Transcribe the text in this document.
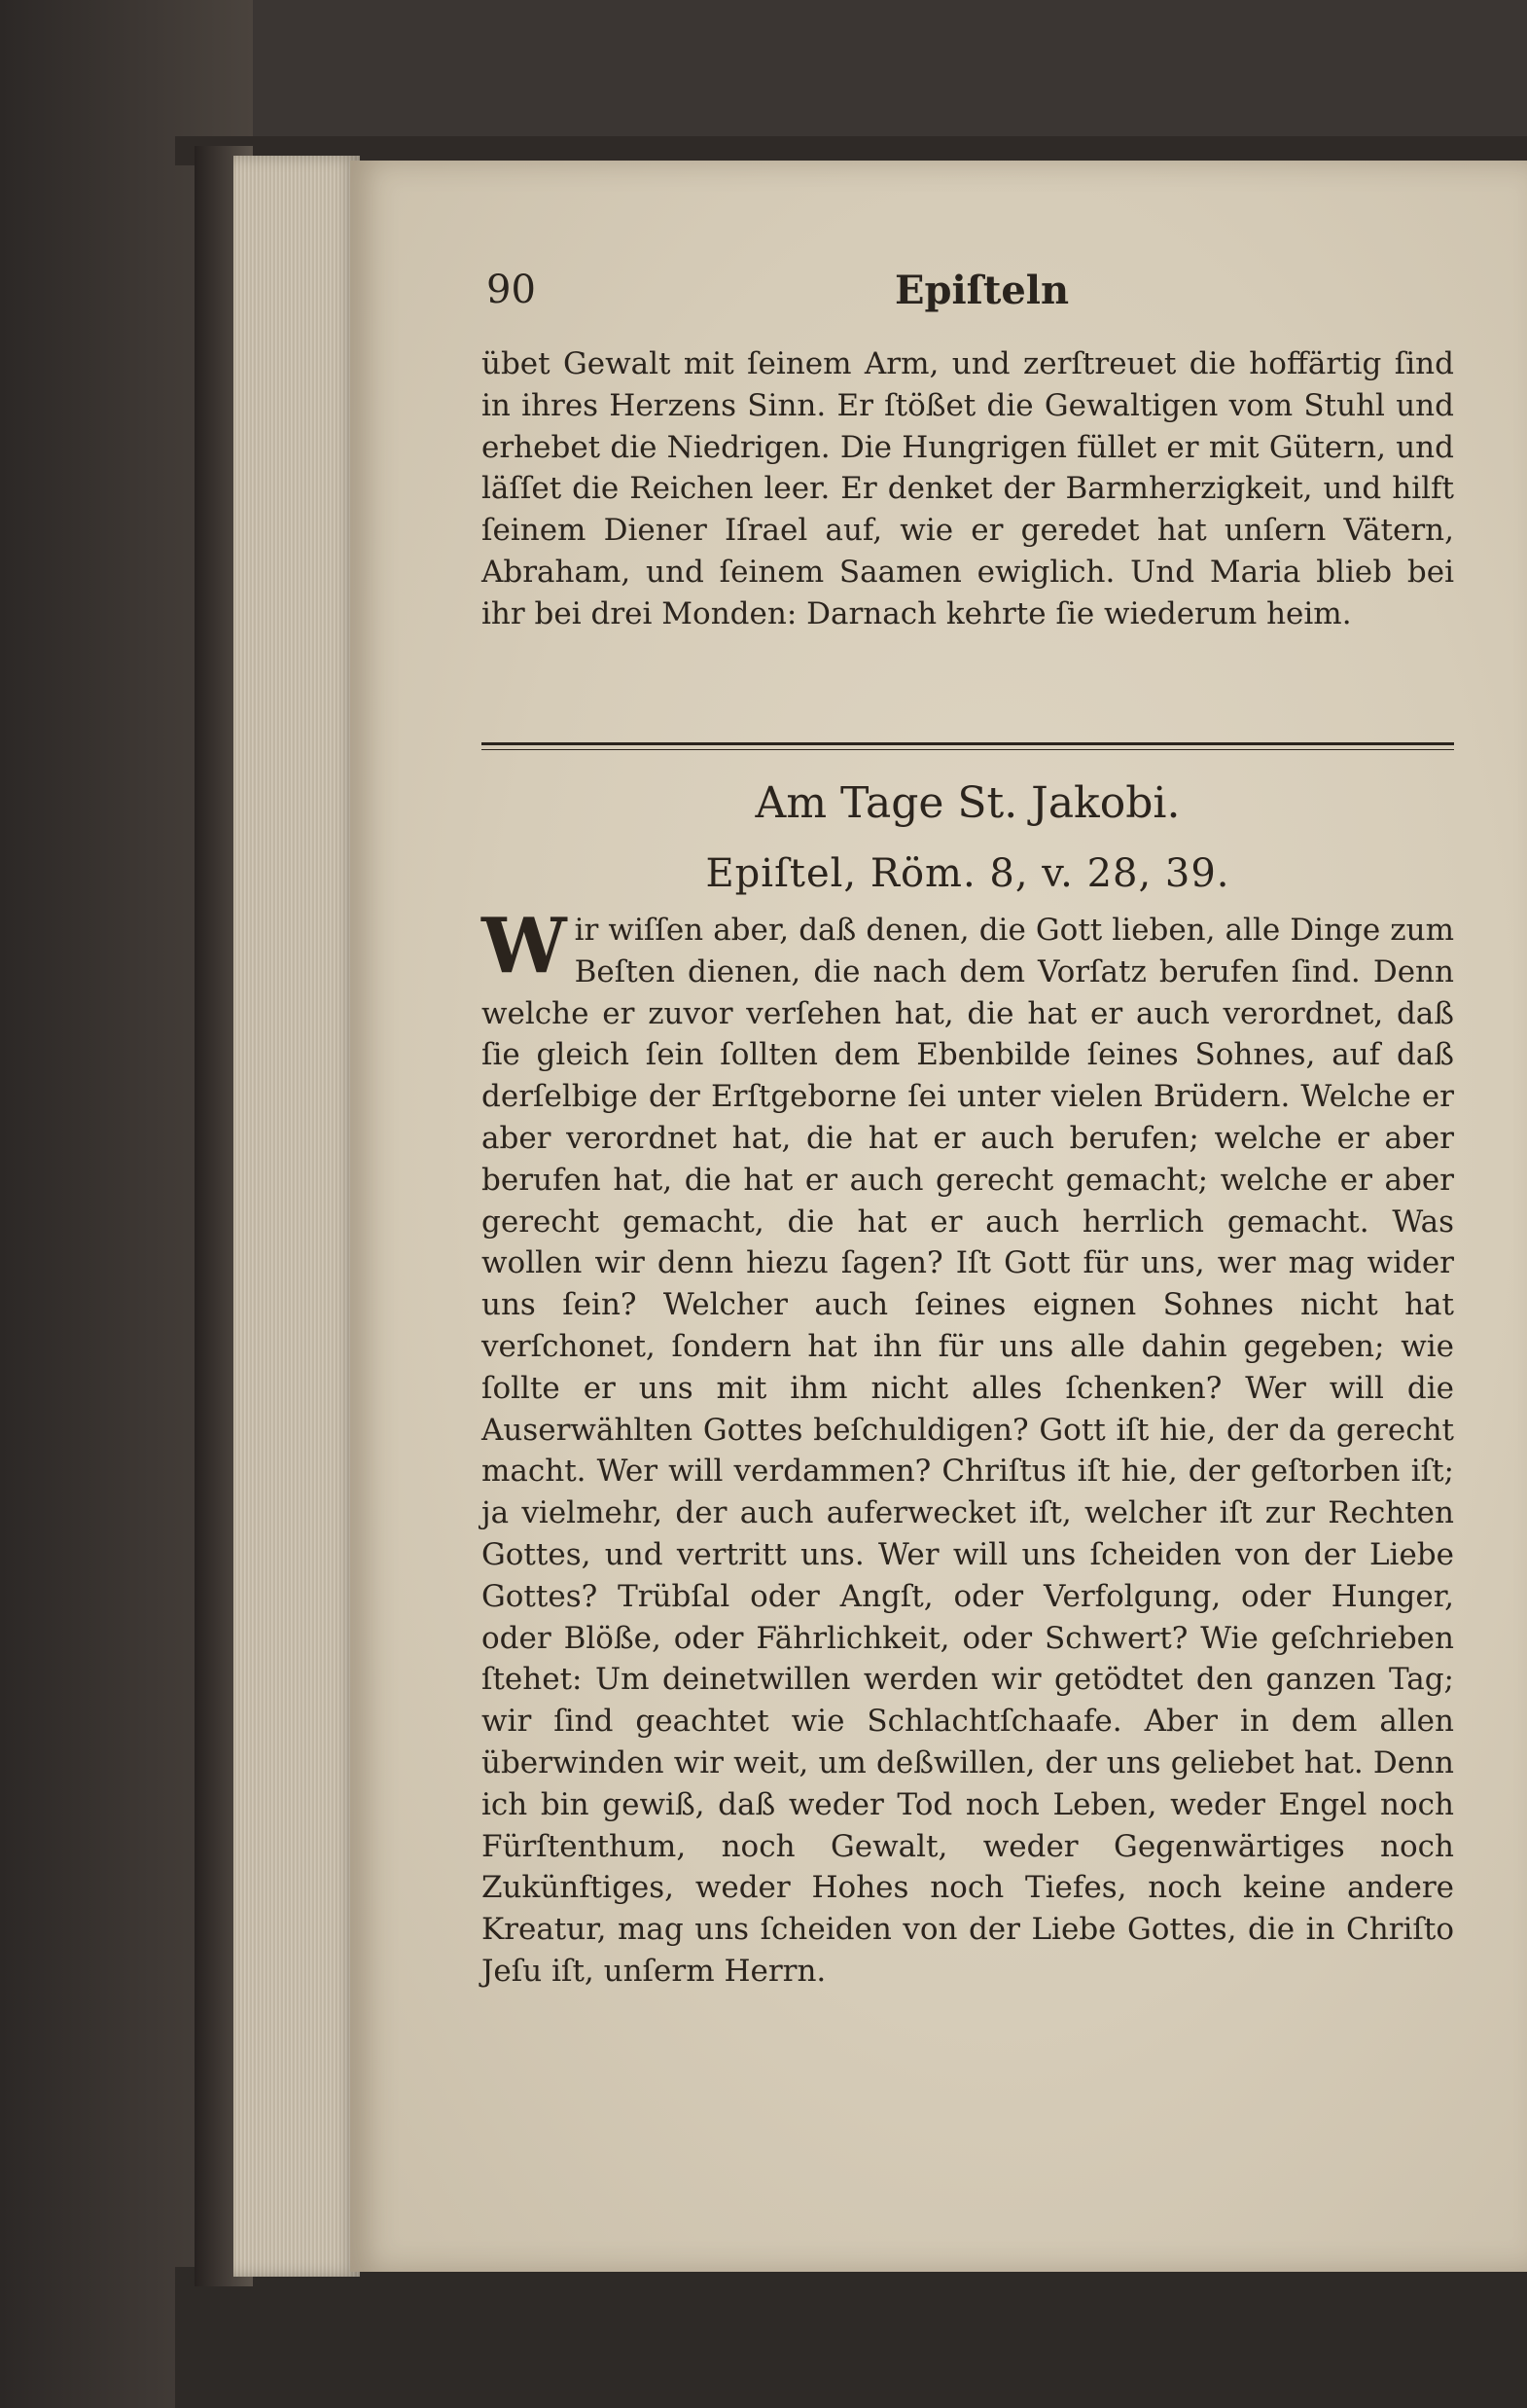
90	Epiſteln

übet Gewalt mit ſeinem Arm, und zerſtreuet die hoffärtig ſind in ihres Herzens Sinn. Er ſtößet die Gewaltigen vom Stuhl und erhebet die Niedrigen. Die Hungrigen füllet er mit Gütern, und läſſet die Reichen leer. Er denket der Barmherzigkeit, und hilft ſeinem Diener Iſrael auf, wie er geredet hat unſern Vätern, Abraham, und ſeinem Saamen ewiglich. Und Maria blieb bei ihr bei drei Monden: Darnach kehrte ſie wiederum heim.

Am Tage St. Jakobi.
Epiſtel, Röm. 8, v. 28, 39.

Wir wiſſen aber, daß denen, die Gott lieben, alle Dinge zum Beſten dienen, die nach dem Vorſatz berufen ſind. Denn welche er zuvor verſehen hat, die hat er auch verordnet, daß ſie gleich ſein ſollten dem Ebenbilde ſeines Sohnes, auf daß derſelbige der Erſtgeborne ſei unter vielen Brüdern. Welche er aber verordnet hat, die hat er auch berufen; welche er aber berufen hat, die hat er auch gerecht gemacht; welche er aber gerecht gemacht, die hat er auch herrlich gemacht. Was wollen wir denn hiezu ſagen? Iſt Gott für uns, wer mag wider uns ſein? Welcher auch ſeines eignen Sohnes nicht hat verſchonet, ſondern hat ihn für uns alle dahin gegeben; wie ſollte er uns mit ihm nicht alles ſchenken? Wer will die Auserwählten Gottes beſchuldigen? Gott iſt hie, der da gerecht macht. Wer will verdammen? Chriſtus iſt hie, der geſtorben iſt; ja vielmehr, der auch auferwecket iſt, welcher iſt zur Rechten Gottes, und vertritt uns. Wer will uns ſcheiden von der Liebe Gottes? Trübſal oder Angſt, oder Verfolgung, oder Hunger, oder Blöße, oder Fährlichkeit, oder Schwert? Wie geſchrieben ſtehet: Um deinetwillen werden wir getödtet den ganzen Tag; wir ſind geachtet wie Schlachtſchaafe. Aber in dem allen überwinden wir weit, um deßwillen, der uns geliebet hat. Denn ich bin gewiß, daß weder Tod noch Leben, weder Engel noch Fürſtenthum, noch Gewalt, weder Gegenwärtiges noch Zukünftiges, weder Hohes noch Tiefes, noch keine andere Kreatur, mag uns ſcheiden von der Liebe Gottes, die in Chriſto Jeſu iſt, unſerm Herrn.
